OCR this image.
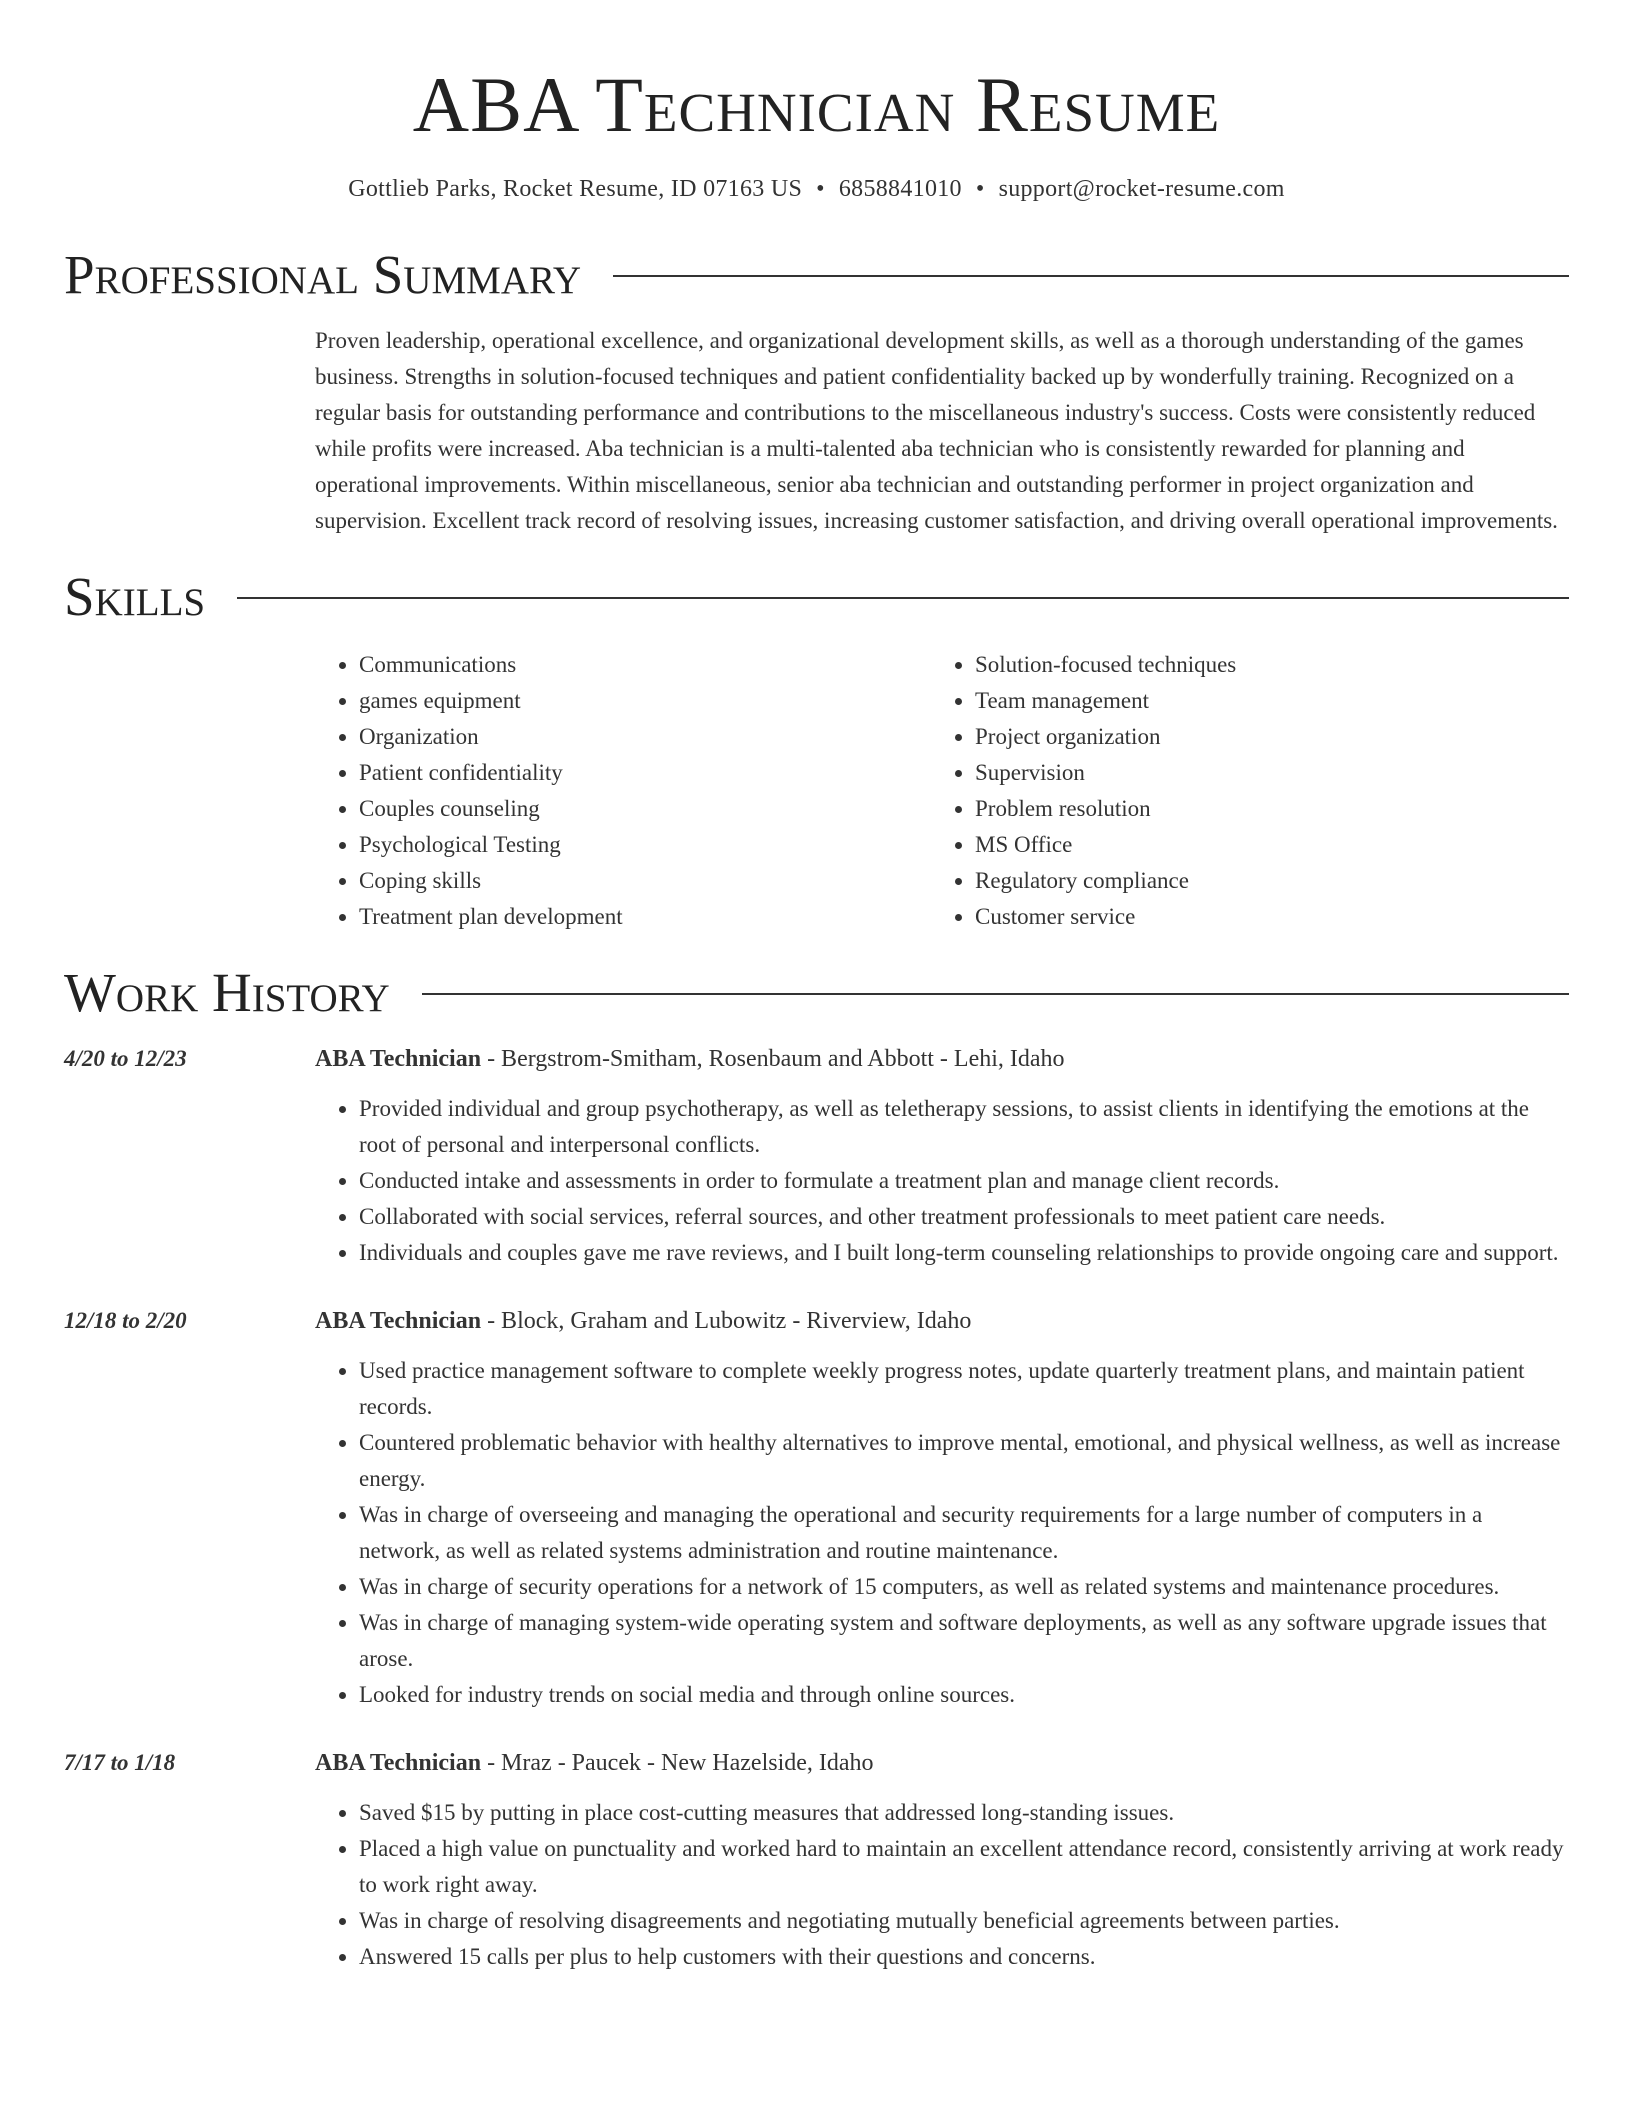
ABA Technician Resume
Gottlieb Parks, Rocket Resume, ID 07163 US • 6858841010 • support@rocket-resume.com
Professional Summary
Proven leadership, operational excellence, and organizational development skills, as well as a thorough understanding of the games business. Strengths in solution-focused techniques and patient confidentiality backed up by wonderfully training. Recognized on a regular basis for outstanding performance and contributions to the miscellaneous industry's success. Costs were consistently reduced while profits were increased. Aba technician is a multi-talented aba technician who is consistently rewarded for planning and operational improvements. Within miscellaneous, senior aba technician and outstanding performer in project organization and supervision. Excellent track record of resolving issues, increasing customer satisfaction, and driving overall operational improvements.
Skills
• Communications
• games equipment
• Organization
• Patient confidentiality
• Couples counseling
• Psychological Testing
• Coping skills
• Treatment plan development
• Solution-focused techniques
• Team management
• Project organization
• Supervision
• Problem resolution
• MS Office
• Regulatory compliance
• Customer service
Work History
4/20 to 12/23	ABA Technician - Bergstrom-Smitham, Rosenbaum and Abbott - Lehi, Idaho
• Provided individual and group psychotherapy, as well as teletherapy sessions, to assist clients in identifying the emotions at the root of personal and interpersonal conflicts.
• Conducted intake and assessments in order to formulate a treatment plan and manage client records.
• Collaborated with social services, referral sources, and other treatment professionals to meet patient care needs.
• Individuals and couples gave me rave reviews, and I built long-term counseling relationships to provide ongoing care and support.
12/18 to 2/20	ABA Technician - Block, Graham and Lubowitz - Riverview, Idaho
• Used practice management software to complete weekly progress notes, update quarterly treatment plans, and maintain patient records.
• Countered problematic behavior with healthy alternatives to improve mental, emotional, and physical wellness, as well as increase energy.
• Was in charge of overseeing and managing the operational and security requirements for a large number of computers in a network, as well as related systems administration and routine maintenance.
• Was in charge of security operations for a network of 15 computers, as well as related systems and maintenance procedures.
• Was in charge of managing system-wide operating system and software deployments, as well as any software upgrade issues that arose.
• Looked for industry trends on social media and through online sources.
7/17 to 1/18	ABA Technician - Mraz - Paucek - New Hazelside, Idaho
• Saved $15 by putting in place cost-cutting measures that addressed long-standing issues.
• Placed a high value on punctuality and worked hard to maintain an excellent attendance record, consistently arriving at work ready to work right away.
• Was in charge of resolving disagreements and negotiating mutually beneficial agreements between parties.
• Answered 15 calls per plus to help customers with their questions and concerns.
